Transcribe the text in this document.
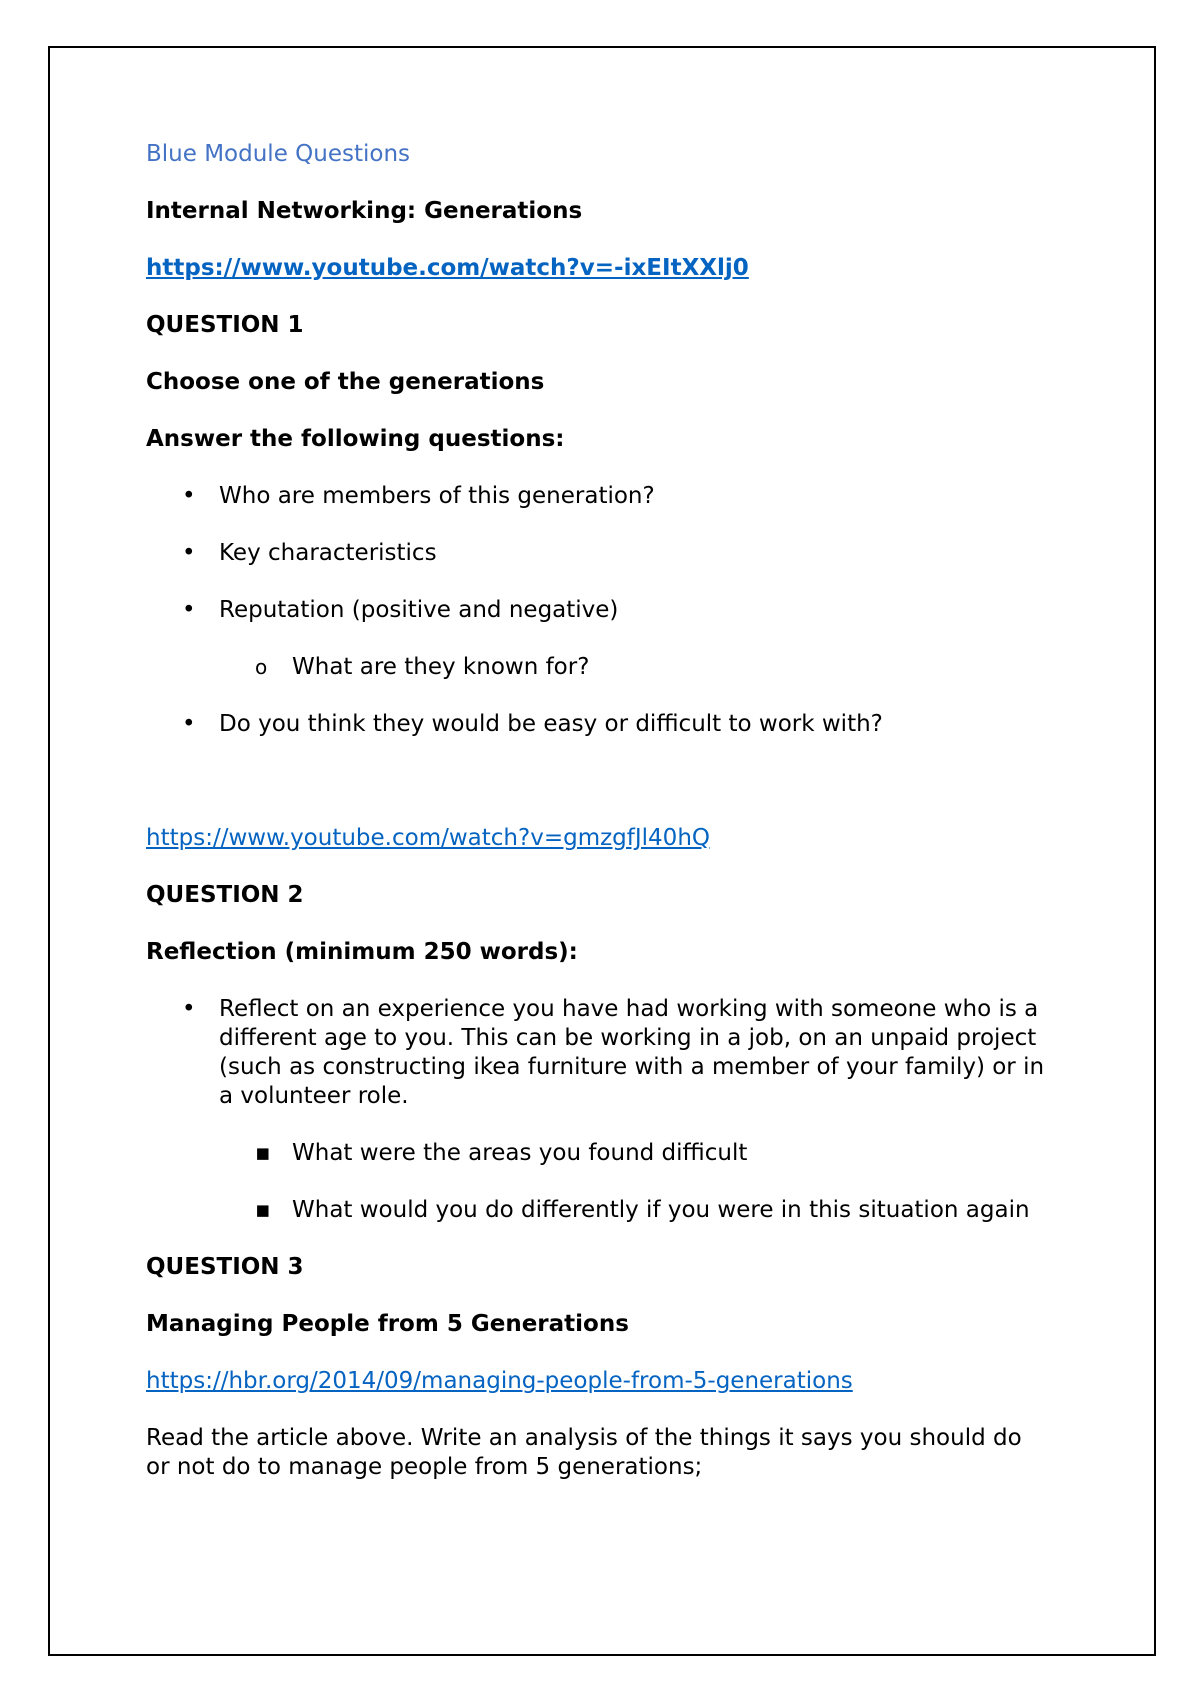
Blue Module Questions
Internal Networking: Generations
https://www.youtube.com/watch?v=-ixEItXXlj0
QUESTION 1
Choose one of the generations
Answer the following questions:
•
Who are members of this generation?
•
Key characteristics
•
Reputation (positive and negative)
o
What are they known for?
•
Do you think they would be easy or difficult to work with?
https://www.youtube.com/watch?v=gmzgfJl40hQ
QUESTION 2
Reflection (minimum 250 words):
•
Reflect on an experience you have had working with someone who is a different age to you. This can be working in a job, on an unpaid project (such as constructing ikea furniture with a member of your family) or in a volunteer role.
▪
What were the areas you found difficult
▪
What would you do differently if you were in this situation again
QUESTION 3
Managing People from 5 Generations
https://hbr.org/2014/09/managing-people-from-5-generations
Read the article above. Write an analysis of the things it says you should do or not do to manage people from 5 generations;
